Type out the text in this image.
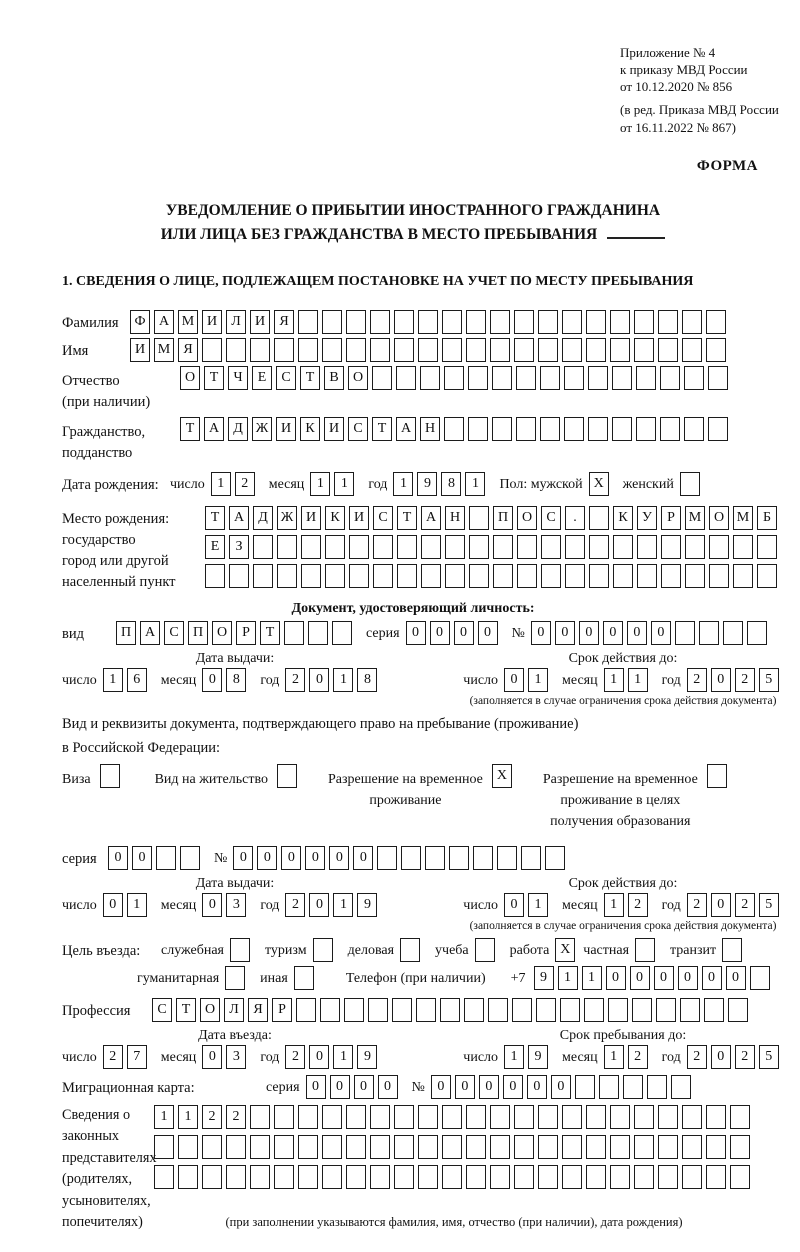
Приложение № 4
к приказу МВД России
от 10.12.2020 № 856
(в ред. Приказа МВД России
от 16.11.2022 № 867)
ФОРМА
УВЕДОМЛЕНИЕ О ПРИБЫТИИ ИНОСТРАННОГО ГРАЖДАНИНА
ИЛИ ЛИЦА БЕЗ ГРАЖДАНСТВА В МЕСТО ПРЕБЫВАНИЯ
1. СВЕДЕНИЯ О ЛИЦЕ, ПОДЛЕЖАЩЕМ ПОСТАНОВКЕ НА УЧЕТ ПО МЕСТУ ПРЕБЫВАНИЯ
Фамилия	Ф А М И Л И Я
Имя	И М Я
Отчество
(при наличии)
О Т Ч Е С Т В О
Гражданство,
подданство
Т А Д Ж И К И С Т А Н
Дата рождения: число 1 2	месяц 1 1	год 1 9 8 1	Пол: мужской X	женский
Место рождения:
государство
город или другой
населенный пункт
Т А Д Ж И К И С Т А Н	П О С .	К У Р М О М Б
Е З
Документ, удостоверяющий личность:
вид	П А С П О Р Т	серия 0 0 0 0	№ 0 0 0 0 0 0
Дата выдачи:
число 1 6	месяц 0 8	год 2 0 1 8
Срок действия до:
число 0 1	месяц 1 1	год 2 0 2 5
(заполняется в случае ограничения срока действия документа)
Вид и реквизиты документа, подтверждающего право на пребывание (проживание)
в Российской Федерации:
Виза	Вид на жительство	Разрешение на временное
проживание
X	Разрешение на временное
проживание в целях
получения образования
серия	0 0	№ 0 0 0 0 0 0
Дата выдачи:
число 0 1	месяц 0 3	год 2 0 1 9
Срок действия до:
число 0 1	месяц 1 2	год 2 0 2 5
(заполняется в случае ограничения срока действия документа)
Цель въезда:	служебная	туризм	деловая	учеба	работа X частная	транзит
гуманитарная	иная	Телефон (при наличии) +7	9 1 1 0 0 0 0 0 0
Профессия	С Т О Л Я Р
Дата въезда:
число 2 7	месяц 0 3	год 2 0 1 9
Срок пребывания до:
число 1 9	месяц 1 2	год 2 0 2 5
Миграционная карта:	серия 0 0 0 0	№ 0 0 0 0 0 0
Сведения о
законных
представителях
(родителях,
усыновителях,
попечителях)
1 1 2 2
(при заполнении указываются фамилия, имя, отчество (при наличии), дата рождения)
